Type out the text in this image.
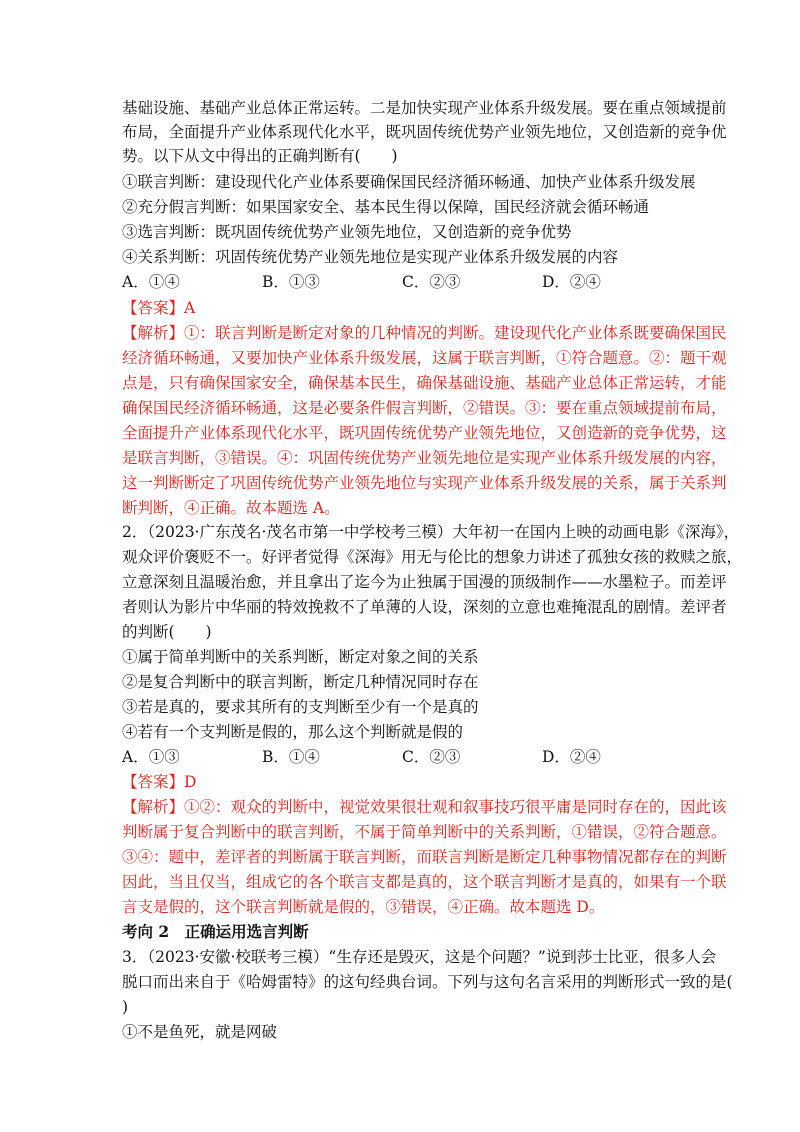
基础设施、基础产业总体正常运转。二是加快实现产业体系升级发展。要在重点领域提前
布局，全面提升产业体系现代化水平，既巩固传统优势产业领先地位，又创造新的竞争优
势。以下从文中得出的正确判断有(　　)
①联言判断：建设现代化产业体系要确保国民经济循环畅通、加快产业体系升级发展
②充分假言判断：如果国家安全、基本民生得以保障，国民经济就会循环畅通
③选言判断：既巩固传统优势产业领先地位，又创造新的竞争优势
④关系判断：巩固传统优势产业领先地位是实现产业体系升级发展的内容
A．①④	B．①③	C．②③	D．②④
【答案】A
【解析】①：联言判断是断定对象的几种情况的判断。建设现代化产业体系既要确保国民
经济循环畅通，又要加快产业体系升级发展，这属于联言判断，①符合题意。②：题干观
点是，只有确保国家安全，确保基本民生，确保基础设施、基础产业总体正常运转，才能
确保国民经济循环畅通，这是必要条件假言判断，②错误。③：要在重点领域提前布局，
全面提升产业体系现代化水平，既巩固传统优势产业领先地位，又创造新的竞争优势，这
是联言判断，③错误。④：巩固传统优势产业领先地位是实现产业体系升级发展的内容，
这一判断断定了巩固传统优势产业领先地位与实现产业体系升级发展的关系，属于关系判
断判断，④正确。故本题选 A。
2．（2023·广东茂名·茂名市第一中学校考三模）大年初一在国内上映的动画电影《深海》，
观众评价褒贬不一。好评者觉得《深海》用无与伦比的想象力讲述了孤独女孩的救赎之旅，
立意深刻且温暖治愈，并且拿出了迄今为止独属于国漫的顶级制作——水墨粒子。而差评
者则认为影片中华丽的特效挽救不了单薄的人设，深刻的立意也难掩混乱的剧情。差评者
的判断(　　)
①属于简单判断中的关系判断，断定对象之间的关系
②是复合判断中的联言判断，断定几种情况同时存在
③若是真的，要求其所有的支判断至少有一个是真的
④若有一个支判断是假的，那么这个判断就是假的
A．①③	B．①④	C．②③	D．②④
【答案】D
【解析】①②：观众的判断中，视觉效果很壮观和叙事技巧很平庸是同时存在的，因此该
判断属于复合判断中的联言判断，不属于简单判断中的关系判断，①错误，②符合题意。
③④：题中，差评者的判断属于联言判断，而联言判断是断定几种事物情况都存在的判断
因此，当且仅当，组成它的各个联言支都是真的，这个联言判断才是真的，如果有一个联
言支是假的，这个联言判断就是假的，③错误，④正确。故本题选 D。
考向 2　正确运用选言判断
3．（2023·安徽·校联考三模）“生存还是毁灭，这是个问题？”说到莎士比亚，很多人会
脱口而出来自于《哈姆雷特》的这句经典台词。下列与这句名言采用的判断形式一致的是(
)
①不是鱼死，就是网破
